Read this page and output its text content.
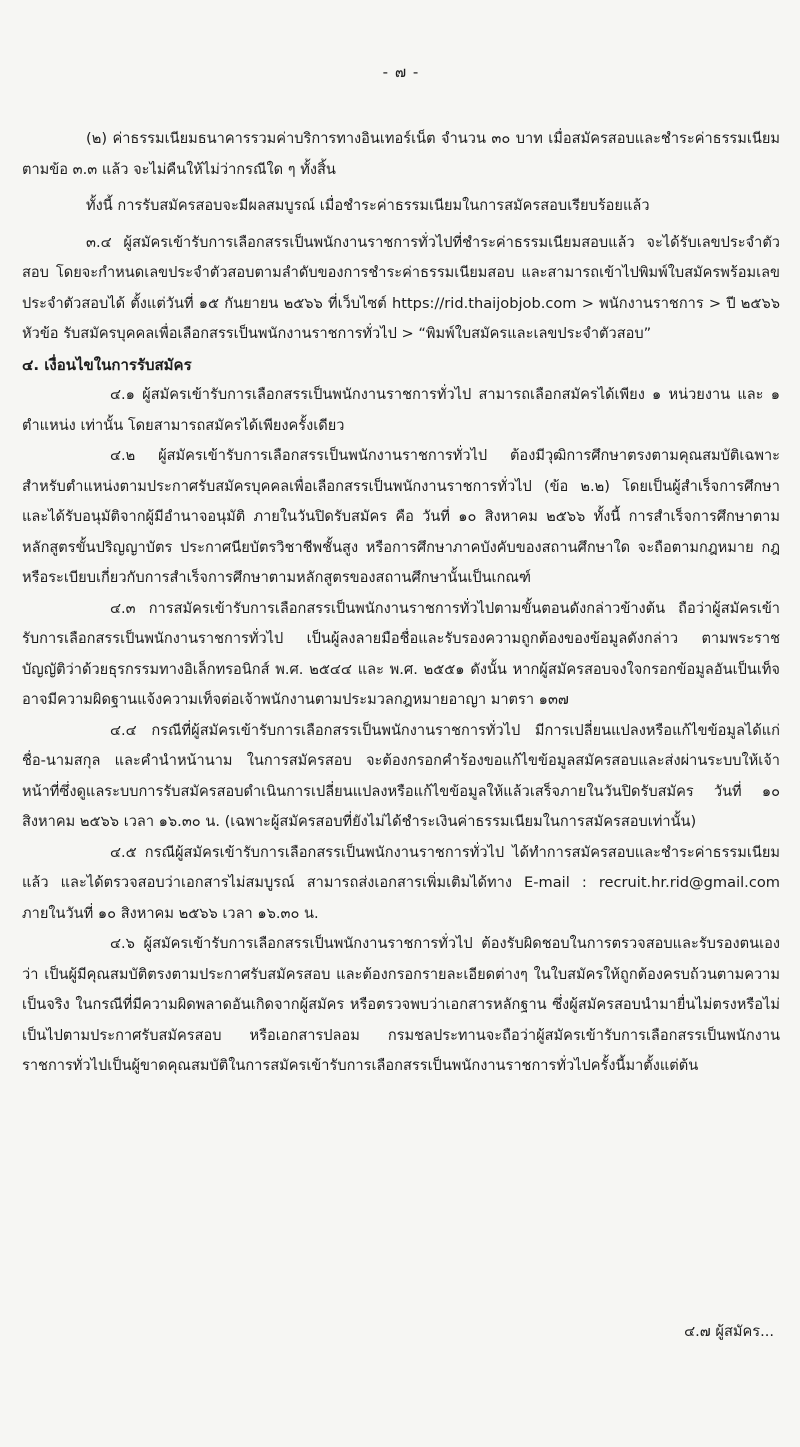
- ๗ -

(๒) ค่าธรรมเนียมธนาคารรวมค่าบริการทางอินเทอร์เน็ต จำนวน ๓๐ บาท เมื่อสมัครสอบและชำระค่าธรรมเนียมตามข้อ ๓.๓ แล้ว จะไม่คืนให้ไม่ว่ากรณีใด ๆ ทั้งสิ้น

ทั้งนี้ การรับสมัครสอบจะมีผลสมบูรณ์ เมื่อชำระค่าธรรมเนียมในการสมัครสอบเรียบร้อยแล้ว

๓.๔ ผู้สมัครเข้ารับการเลือกสรรเป็นพนักงานราชการทั่วไปที่ชำระค่าธรรมเนียมสอบแล้ว จะได้รับเลขประจำตัวสอบ โดยจะกำหนดเลขประจำตัวสอบตามลำดับของการชำระค่าธรรมเนียมสอบ และสามารถเข้าไปพิมพ์ใบสมัครพร้อมเลขประจำตัวสอบได้ ตั้งแต่วันที่ ๑๕ กันยายน ๒๕๖๖ ที่เว็บไซต์ https://rid.thaijobjob.com > พนักงานราชการ > ปี ๒๕๖๖ หัวข้อ รับสมัครบุคคลเพื่อเลือกสรรเป็นพนักงานราชการทั่วไป > “พิมพ์ใบสมัครและเลขประจำตัวสอบ”

๔. เงื่อนไขในการรับสมัคร

๔.๑ ผู้สมัครเข้ารับการเลือกสรรเป็นพนักงานราชการทั่วไป สามารถเลือกสมัครได้เพียง ๑ หน่วยงาน และ ๑ ตำแหน่ง เท่านั้น โดยสามารถสมัครได้เพียงครั้งเดียว

๔.๒ ผู้สมัครเข้ารับการเลือกสรรเป็นพนักงานราชการทั่วไป ต้องมีวุฒิการศึกษาตรงตามคุณสมบัติเฉพาะสำหรับตำแหน่งตามประกาศรับสมัครบุคคลเพื่อเลือกสรรเป็นพนักงานราชการทั่วไป (ข้อ ๒.๒) โดยเป็นผู้สำเร็จการศึกษาและได้รับอนุมัติจากผู้มีอำนาจอนุมัติ ภายในวันปิดรับสมัคร คือ วันที่ ๑๐ สิงหาคม ๒๕๖๖ ทั้งนี้ การสำเร็จการศึกษาตามหลักสูตรขั้นปริญญาบัตร ประกาศนียบัตรวิชาชีพชั้นสูง หรือการศึกษาภาคบังคับของสถานศึกษาใด จะถือตามกฎหมาย กฎหรือระเบียบเกี่ยวกับการสำเร็จการศึกษาตามหลักสูตรของสถานศึกษานั้นเป็นเกณฑ์

๔.๓ การสมัครเข้ารับการเลือกสรรเป็นพนักงานราชการทั่วไปตามขั้นตอนดังกล่าวข้างต้น ถือว่าผู้สมัครเข้ารับการเลือกสรรเป็นพนักงานราชการทั่วไป เป็นผู้ลงลายมือชื่อและรับรองความถูกต้องของข้อมูลดังกล่าว ตามพระราชบัญญัติว่าด้วยธุรกรรมทางอิเล็กทรอนิกส์ พ.ศ. ๒๕๔๔ และ พ.ศ. ๒๕๕๑ ดังนั้น หากผู้สมัครสอบจงใจกรอกข้อมูลอันเป็นเท็จ อาจมีความผิดฐานแจ้งความเท็จต่อเจ้าพนักงานตามประมวลกฎหมายอาญา มาตรา ๑๓๗

๔.๔ กรณีที่ผู้สมัครเข้ารับการเลือกสรรเป็นพนักงานราชการทั่วไป มีการเปลี่ยนแปลงหรือแก้ไขข้อมูลได้แก่ ชื่อ-นามสกุล และคำนำหน้านาม ในการสมัครสอบ จะต้องกรอกคำร้องขอแก้ไขข้อมูลสมัครสอบและส่งผ่านระบบให้เจ้าหน้าที่ซึ่งดูแลระบบการรับสมัครสอบดำเนินการเปลี่ยนแปลงหรือแก้ไขข้อมูลให้แล้วเสร็จภายในวันปิดรับสมัคร วันที่ ๑๐ สิงหาคม ๒๕๖๖ เวลา ๑๖.๓๐ น. (เฉพาะผู้สมัครสอบที่ยังไม่ได้ชำระเงินค่าธรรมเนียมในการสมัครสอบเท่านั้น)

๔.๕ กรณีผู้สมัครเข้ารับการเลือกสรรเป็นพนักงานราชการทั่วไป ได้ทำการสมัครสอบและชำระค่าธรรมเนียมแล้ว และได้ตรวจสอบว่าเอกสารไม่สมบูรณ์ สามารถส่งเอกสารเพิ่มเติมได้ทาง E-mail : recruit.hr.rid@gmail.com ภายในวันที่ ๑๐ สิงหาคม ๒๕๖๖ เวลา ๑๖.๓๐ น.

๔.๖ ผู้สมัครเข้ารับการเลือกสรรเป็นพนักงานราชการทั่วไป ต้องรับผิดชอบในการตรวจสอบและรับรองตนเองว่า เป็นผู้มีคุณสมบัติตรงตามประกาศรับสมัครสอบ และต้องกรอกรายละเอียดต่างๆ ในใบสมัครให้ถูกต้องครบถ้วนตามความเป็นจริง ในกรณีที่มีความผิดพลาดอันเกิดจากผู้สมัคร หรือตรวจพบว่าเอกสารหลักฐาน ซึ่งผู้สมัครสอบนำมายื่นไม่ตรงหรือไม่เป็นไปตามประกาศรับสมัครสอบ หรือเอกสารปลอม กรมชลประทานจะถือว่าผู้สมัครเข้ารับการเลือกสรรเป็นพนักงานราชการทั่วไปเป็นผู้ขาดคุณสมบัติในการสมัครเข้ารับการเลือกสรรเป็นพนักงานราชการทั่วไปครั้งนี้มาตั้งแต่ต้น

๔.๗ ผู้สมัคร...
